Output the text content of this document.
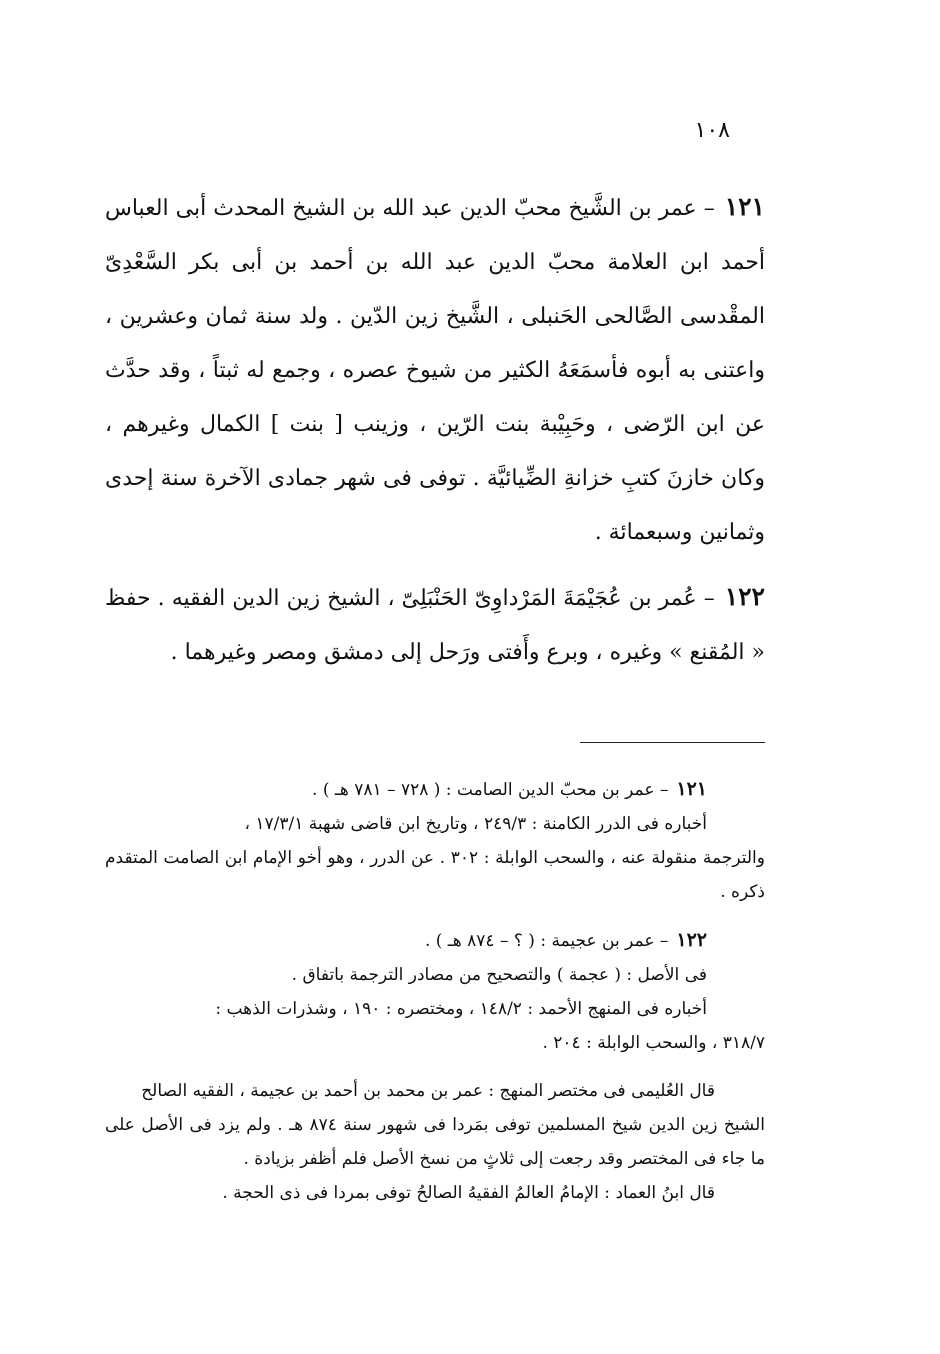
١٠٨

١٢١– عمر بن الشَّيخ محبّ الدين عبد الله بن الشيخ المحدث أبى العباس أحمد ابن العلامة محبّ الدين عبد الله بن أحمد بن أبى بكر السَّعْدِىّ المقْدسى الصَّالحى الحَنبلى ، الشَّيخ زين الدّين . ولد سنة ثمان وعشرين ، واعتنى به أبوه فأسمَعَهُ الكثير من شيوخ عصره ، وجمع له ثبتاً ، وقد حدَّث عن ابن الرّضى ، وحَبِيْبة بنت الرّين ، وزينب [ بنت ] الكمال وغيرهم ، وكان خازنَ كتبِ خزانةِ الضِّيائيَّة . توفى فى شهر جمادى الآخرة سنة إحدى وثمانين وسبعمائة .

١٢٢– عُمر بن عُجَيْمَةَ المَرْداوِىّ الحَنْبَلِىّ ، الشيخ زين الدين الفقيه . حفظ « المُقنع » وغيره ، وبرع وأَفتى ورَحل إلى دمشق ومصر وغيرهما .

١٢١– عمر بن محبّ الدين الصامت : ( ٧٢٨ – ٧٨١ هـ ) .
أخباره فى الدرر الكامنة : ٢٤٩/٣ ، وتاريخ ابن قاضى شهبة ١٧/٣/١ ،
والترجمة منقولة عنه ، والسحب الوابلة : ٣٠٢ . عن الدرر ، وهو أخو الإمام ابن الصامت المتقدم ذكره .
١٢٢– عمر بن عجيمة : ( ؟ – ٨٧٤ هـ ) .
فى الأصل : ( عجمة ) والتصحيح من مصادر الترجمة باتفاق .
أخباره فى المنهج الأحمد : ١٤٨/٢ ، ومختصره : ١٩٠ ، وشذرات الذهب :
٣١٨/٧ ، والسحب الوابلة : ٢٠٤ .
قال العُليمى فى مختصر المنهج : عمر بن محمد بن أحمد بن عجيمة ، الفقيه الصالح
الشيخ زين الدين شيخ المسلمين توفى بمَردا فى شهور سنة ٨٧٤ هـ . ولم يزد فى الأصل على ما جاء فى المختصر وقد رجعت إلى ثلاثٍ من نسخ الأصل فلم أظفر بزيادة .
قال ابنُ العماد : الإمامُ العالمُ الفقيهُ الصالحُ توفى بمردا فى ذى الحجة .
